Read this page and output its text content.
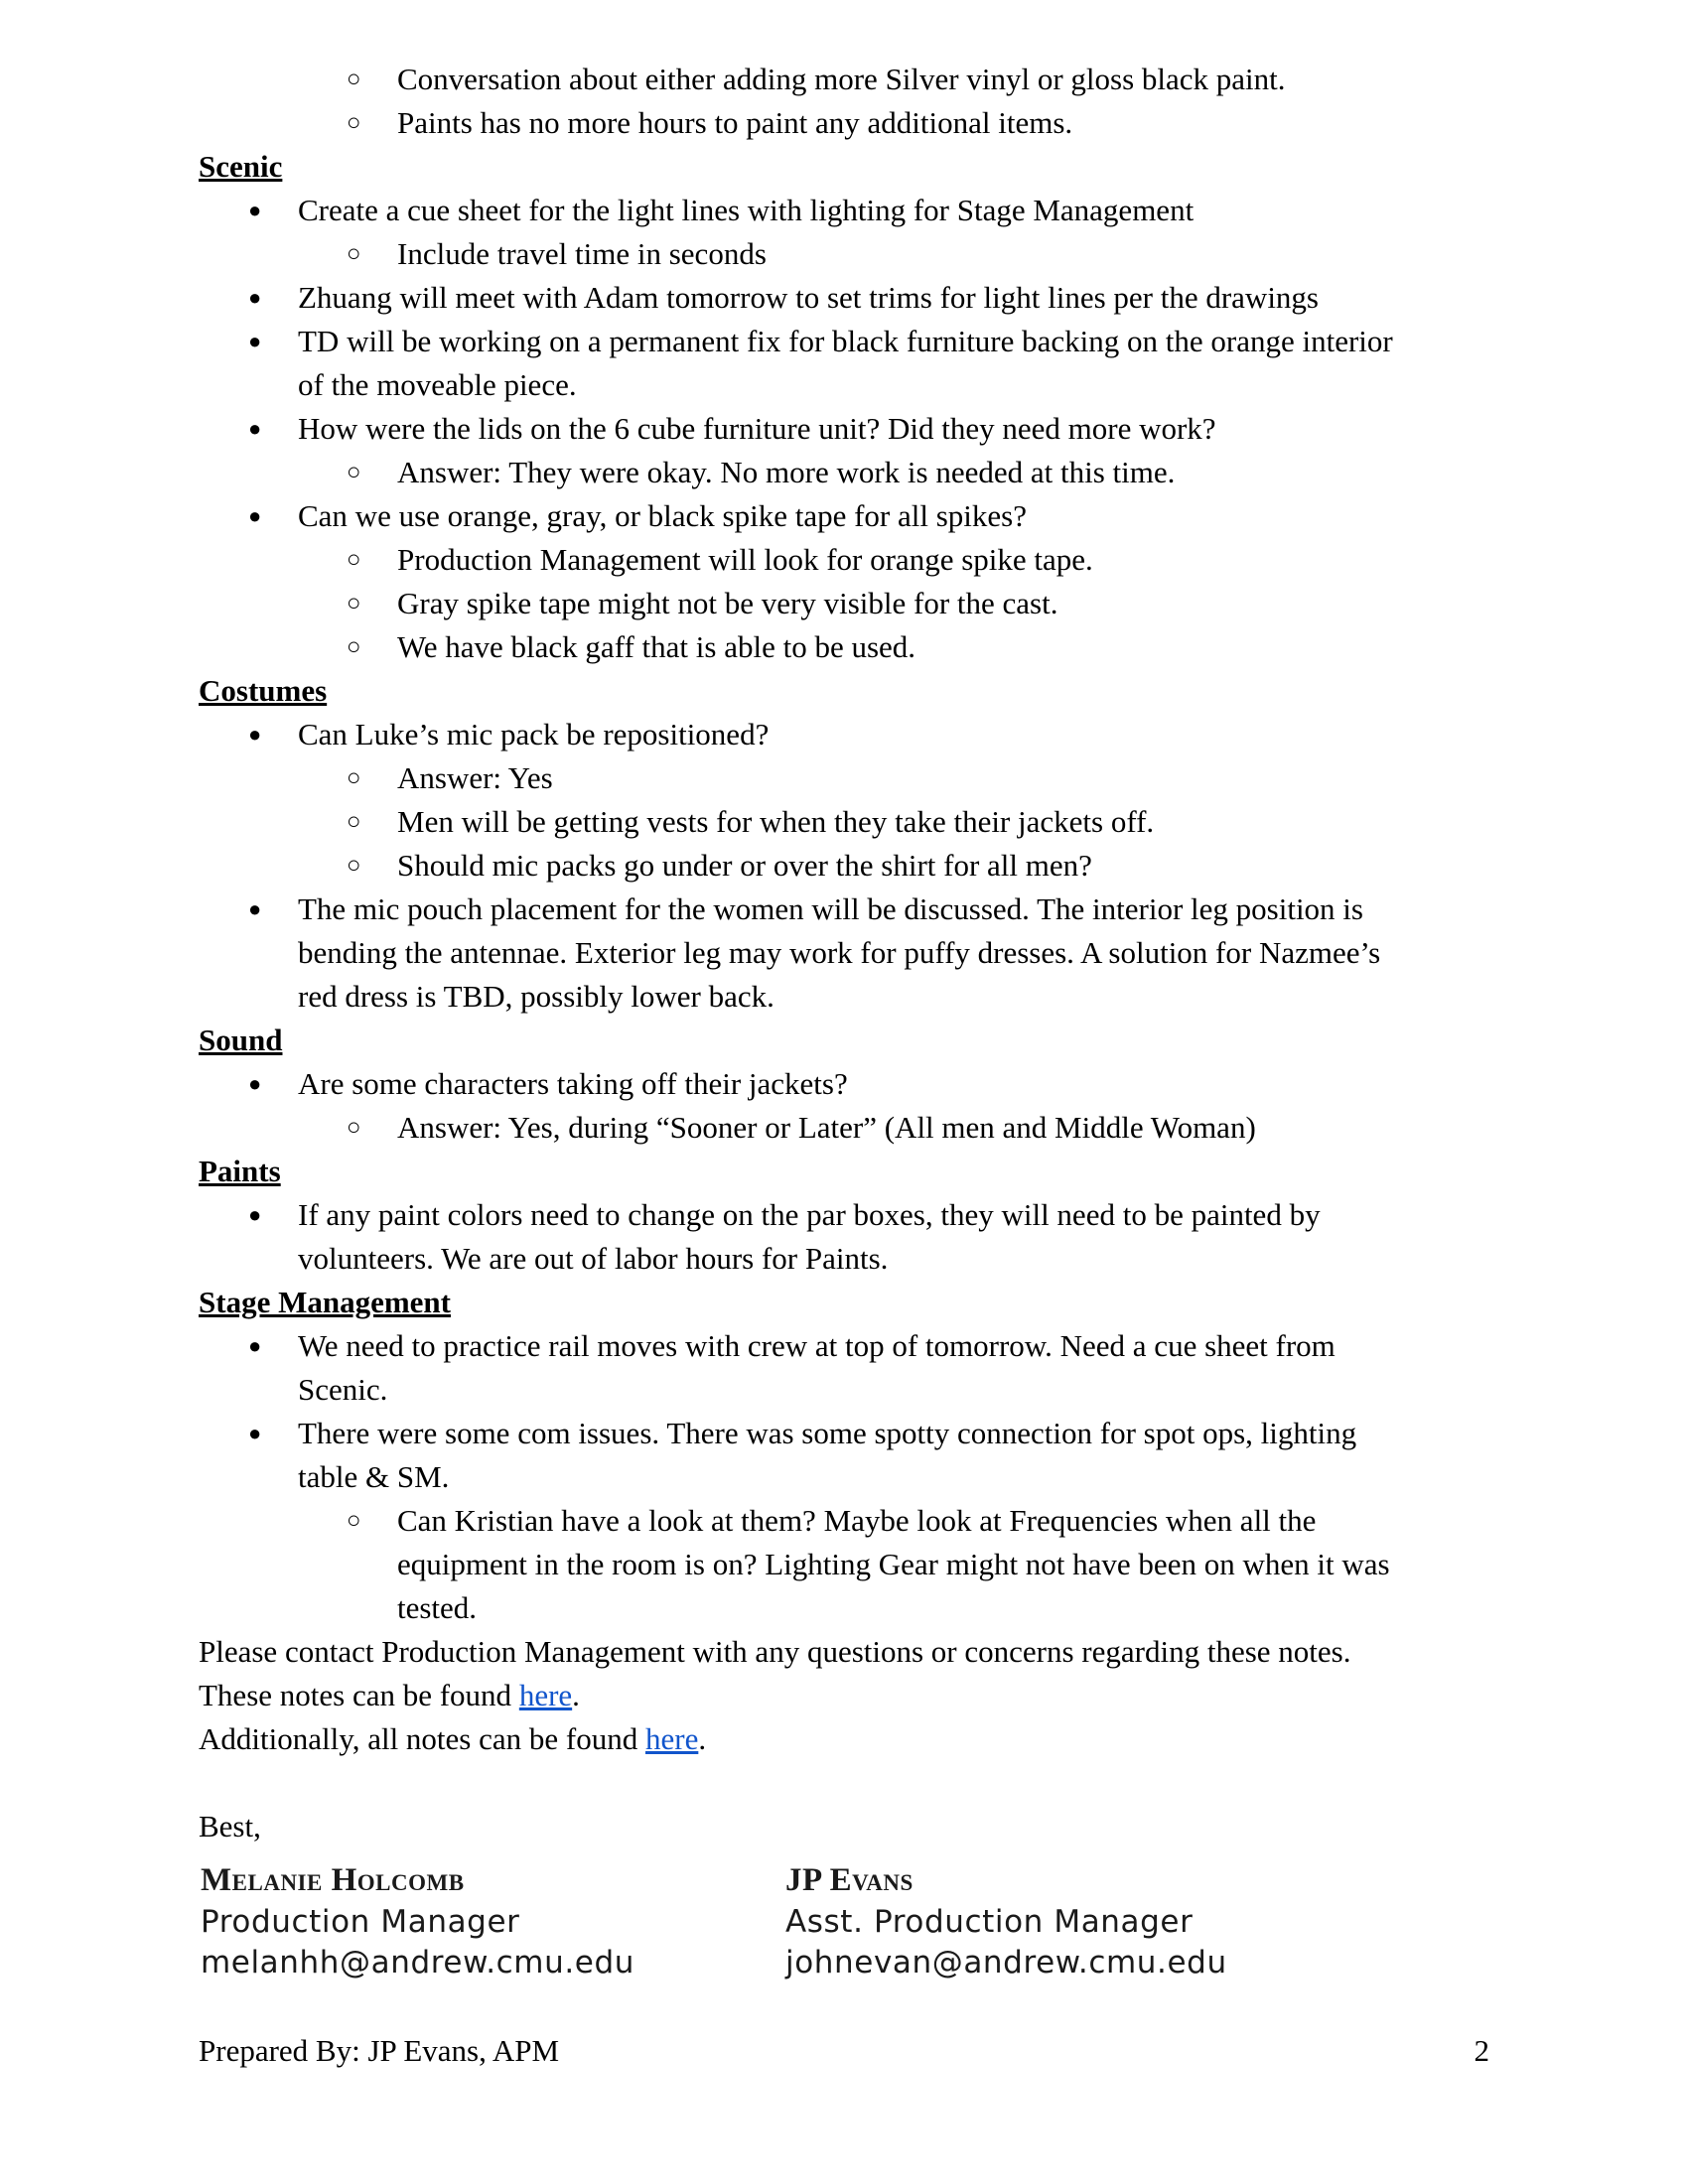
○ Conversation about either adding more Silver vinyl or gloss black paint.
○ Paints has no more hours to paint any additional items.
Scenic
● Create a cue sheet for the light lines with lighting for Stage Management
○ Include travel time in seconds
● Zhuang will meet with Adam tomorrow to set trims for light lines per the drawings
● TD will be working on a permanent fix for black furniture backing on the orange interior
of the moveable piece.
● How were the lids on the 6 cube furniture unit? Did they need more work?
○ Answer: They were okay. No more work is needed at this time.
● Can we use orange, gray, or black spike tape for all spikes?
○ Production Management will look for orange spike tape.
○ Gray spike tape might not be very visible for the cast.
○ We have black gaff that is able to be used.
Costumes
● Can Luke’s mic pack be repositioned?
○ Answer: Yes
○ Men will be getting vests for when they take their jackets off.
○ Should mic packs go under or over the shirt for all men?
● The mic pouch placement for the women will be discussed. The interior leg position is
bending the antennae. Exterior leg may work for puffy dresses. A solution for Nazmee’s
red dress is TBD, possibly lower back.
Sound
● Are some characters taking off their jackets?
○ Answer: Yes, during “Sooner or Later” (All men and Middle Woman)
Paints
● If any paint colors need to change on the par boxes, they will need to be painted by
volunteers. We are out of labor hours for Paints.
Stage Management
● We need to practice rail moves with crew at top of tomorrow. Need a cue sheet from
Scenic.
● There were some com issues. There was some spotty connection for spot ops, lighting
table & SM.
○ Can Kristian have a look at them? Maybe look at Frequencies when all the
equipment in the room is on? Lighting Gear might not have been on when it was
tested.
Please contact Production Management with any questions or concerns regarding these notes.
These notes can be found here.
Additionally, all notes can be found here.
Best,
Melanie Holcomb
Production Manager
melanhh@andrew.cmu.edu
JP Evans
Asst. Production Manager
johnevan@andrew.cmu.edu
Prepared By: JP Evans, APM	2
